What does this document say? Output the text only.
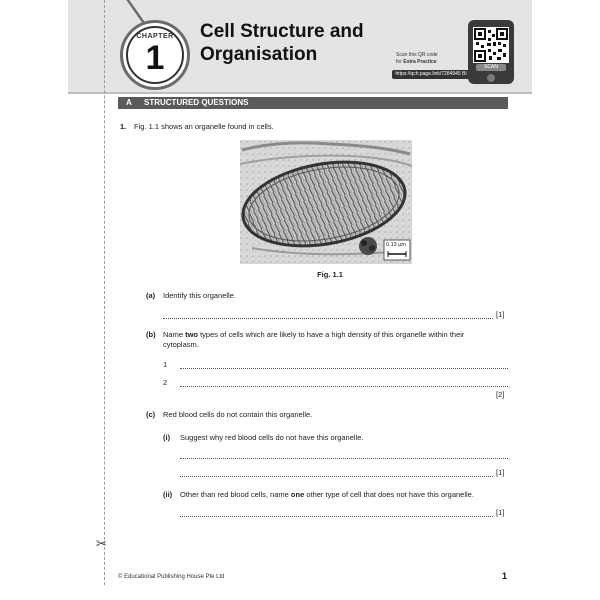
✂
CHAPTER
1
Cell Structure and
Organisation	Scan this QR code
for Extra Practice
https://qch.page.link/7284945 Bi
SCAN
A STRUCTURED QUESTIONS
1. Fig. 1.1 shows an organelle found in cells.
0.13 µm
Fig. 1.1
(a) Identify this organelle.
[1]
(b) Name two types of cells which are likely to have a high density of this organelle within their
cytoplasm.
1
2
[2]
(c) Red blood cells do not contain this organelle.
(i) Suggest why red blood cells do not have this organelle.
[1]
(ii) Other than red blood cells, name one other type of cell that does not have this organelle.
[1]
© Educational Publishing House Pte Ltd	1
